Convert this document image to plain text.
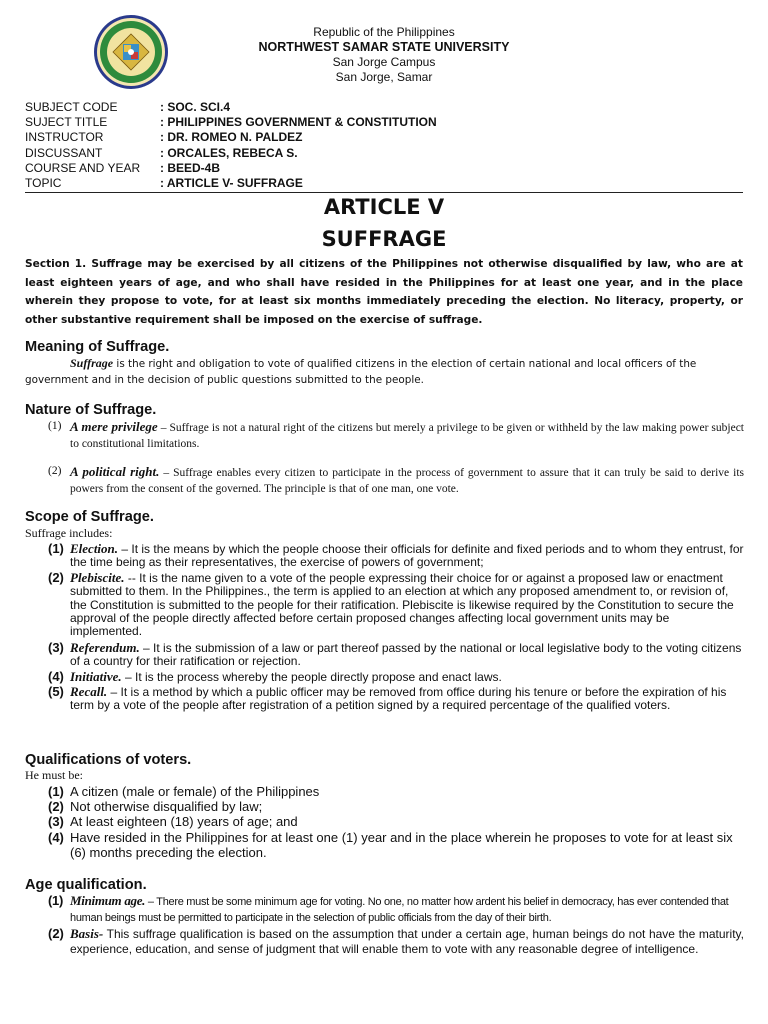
Republic of the Philippines
NORTHWEST SAMAR STATE UNIVERSITY
San Jorge Campus
San Jorge, Samar
SUBJECT CODE	: SOC. SCI.4
SUJECT TITLE	: PHILIPPINES GOVERNMENT & CONSTITUTION
INSTRUCTOR	: DR. ROMEO N. PALDEZ
DISCUSSANT	: ORCALES, REBECA S.
COURSE AND YEAR	: BEED-4B
TOPIC	: ARTICLE V- SUFFRAGE
ARTICLE V
SUFFRAGE
Section 1. Suffrage may be exercised by all citizens of the Philippines not otherwise disqualified by law, who are at least eighteen years of age, and who shall have resided in the Philippines for at least one year, and in the place wherein they propose to vote, for at least six months immediately preceding the election. No literacy, property, or other substantive requirement shall be imposed on the exercise of suffrage.
Meaning of Suffrage.
Suffrage is the right and obligation to vote of qualified citizens in the election of certain national and local officers of the government and in the decision of public questions submitted to the people.
Nature of Suffrage.
(1) A mere privilege – Suffrage is not a natural right of the citizens but merely a privilege to be given or withheld by the law making power subject to constitutional limitations.
(2) A political right. – Suffrage enables every citizen to participate in the process of government to assure that it can truly be said to derive its powers from the consent of the governed. The principle is that of one man, one vote.
Scope of Suffrage.
Suffrage includes:
(1) Election. – It is the means by which the people choose their officials for definite and fixed periods and to whom they entrust, for the time being as their representatives, the exercise of powers of government;
(2) Plebiscite. -- It is the name given to a vote of the people expressing their choice for or against a proposed law or enactment submitted to them. In the Philippines., the term is applied to an election at which any proposed amendment to, or revision of, the Constitution is submitted to the people for their ratification. Plebiscite is likewise required by the Constitution to secure the approval of the people directly affected before certain proposed changes affecting local government units may be implemented.
(3) Referendum. – It is the submission of a law or part thereof passed by the national or local legislative body to the voting citizens of a country for their ratification or rejection.
(4) Initiative. – It is the process whereby the people directly propose and enact laws.
(5) Recall. – It is a method by which a public officer may be removed from office during his tenure or before the expiration of his term by a vote of the people after registration of a petition signed by a required percentage of the qualified voters.
Qualifications of voters.
He must be:
(1) A citizen (male or female) of the Philippines
(2) Not otherwise disqualified by law;
(3) At least eighteen (18) years of age; and
(4) Have resided in the Philippines for at least one (1) year and in the place wherein he proposes to vote for at least six (6) months preceding the election.
Age qualification.
(1) Minimum age. – There must be some minimum age for voting. No one, no matter how ardent his belief in democracy, has ever contended that human beings must be permitted to participate in the selection of public officials from the day of their birth.
(2) Basis- This suffrage qualification is based on the assumption that under a certain age, human beings do not have the maturity, experience, education, and sense of judgment that will enable them to vote with any reasonable degree of intelligence.
